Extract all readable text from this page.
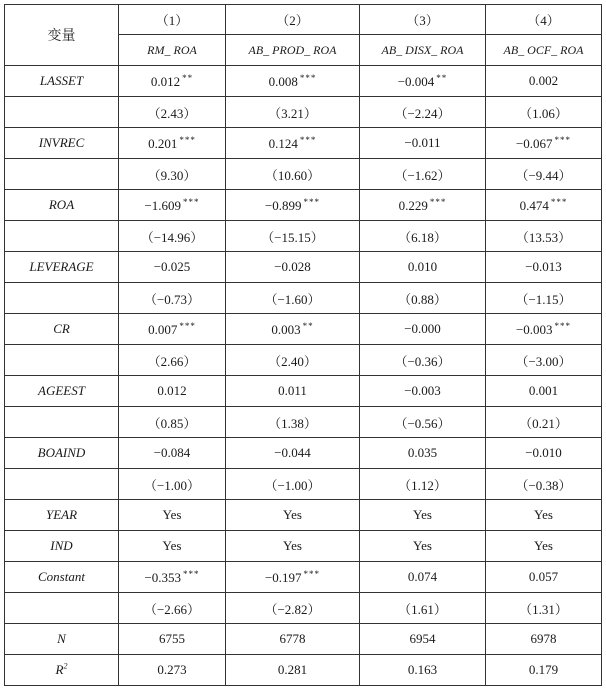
变量	（1）	（2）	（3）	（4）
	RM_ ROA	AB_ PROD_ ROA	AB_ DISX_ ROA	AB_ OCF_ ROA
LASSET	0.012 **	0.008 ***	−0.004 **	0.002
	（2.43）	（3.21）	（−2.24）	（1.06）
INVREC	0.201 ***	0.124 ***	−0.011	−0.067 ***
	（9.30）	（10.60）	（−1.62）	（−9.44）
ROA	−1.609 ***	−0.899 ***	0.229 ***	0.474 ***
	（−14.96）	（−15.15）	（6.18）	（13.53）
LEVERAGE	−0.025	−0.028	0.010	−0.013
	（−0.73）	（−1.60）	（0.88）	（−1.15）
CR	0.007 ***	0.003 **	−0.000	−0.003 ***
	（2.66）	（2.40）	（−0.36）	（−3.00）
AGEEST	0.012	0.011	−0.003	0.001
	（0.85）	（1.38）	（−0.56）	（0.21）
BOAIND	−0.084	−0.044	0.035	−0.010
	（−1.00）	（−1.00）	（1.12）	（−0.38）
YEAR	Yes	Yes	Yes	Yes
IND	Yes	Yes	Yes	Yes
Constant	−0.353 ***	−0.197 ***	0.074	0.057
	（−2.66）	（−2.82）	（1.61）	（1.31）
N	6755	6778	6954	6978
$R^2$	0.273	0.281	0.163	0.179
